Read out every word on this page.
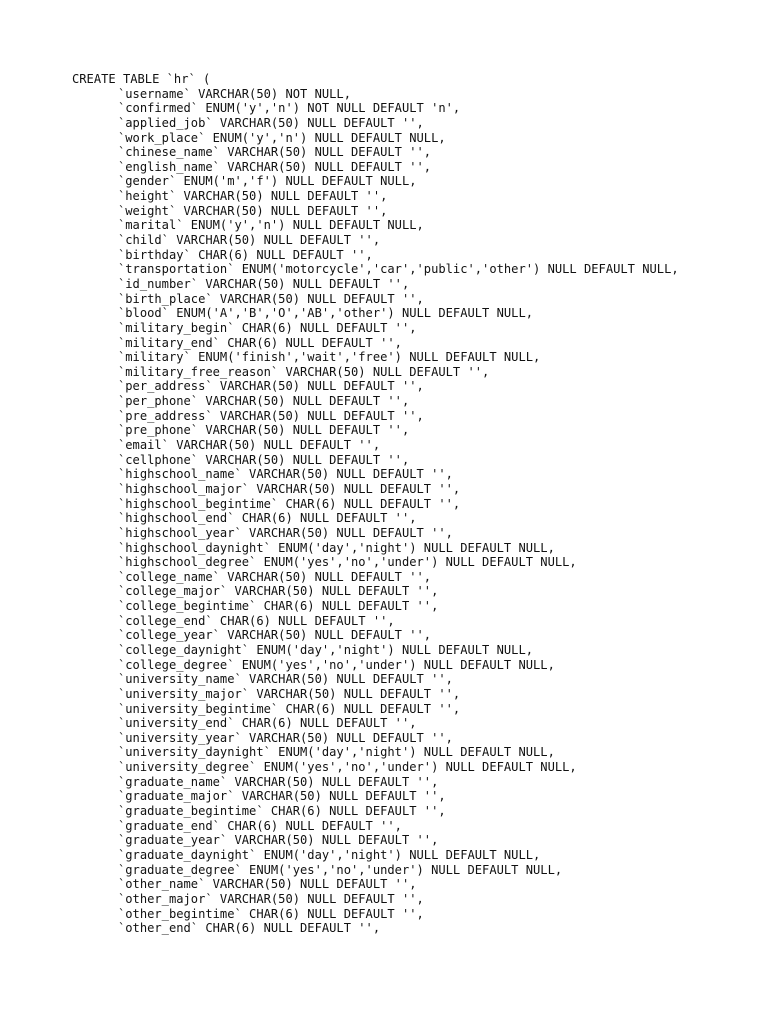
CREATE TABLE `hr` (
`username` VARCHAR(50) NOT NULL,
`confirmed` ENUM('y','n') NOT NULL DEFAULT 'n',
`applied_job` VARCHAR(50) NULL DEFAULT '',
`work_place` ENUM('y','n') NULL DEFAULT NULL,
`chinese_name` VARCHAR(50) NULL DEFAULT '',
`english_name` VARCHAR(50) NULL DEFAULT '',
`gender` ENUM('m','f') NULL DEFAULT NULL,
`height` VARCHAR(50) NULL DEFAULT '',
`weight` VARCHAR(50) NULL DEFAULT '',
`marital` ENUM('y','n') NULL DEFAULT NULL,
`child` VARCHAR(50) NULL DEFAULT '',
`birthday` CHAR(6) NULL DEFAULT '',
`transportation` ENUM('motorcycle','car','public','other') NULL DEFAULT NULL,
`id_number` VARCHAR(50) NULL DEFAULT '',
`birth_place` VARCHAR(50) NULL DEFAULT '',
`blood` ENUM('A','B','O','AB','other') NULL DEFAULT NULL,
`military_begin` CHAR(6) NULL DEFAULT '',
`military_end` CHAR(6) NULL DEFAULT '',
`military` ENUM('finish','wait','free') NULL DEFAULT NULL,
`military_free_reason` VARCHAR(50) NULL DEFAULT '',
`per_address` VARCHAR(50) NULL DEFAULT '',
`per_phone` VARCHAR(50) NULL DEFAULT '',
`pre_address` VARCHAR(50) NULL DEFAULT '',
`pre_phone` VARCHAR(50) NULL DEFAULT '',
`email` VARCHAR(50) NULL DEFAULT '',
`cellphone` VARCHAR(50) NULL DEFAULT '',
`highschool_name` VARCHAR(50) NULL DEFAULT '',
`highschool_major` VARCHAR(50) NULL DEFAULT '',
`highschool_begintime` CHAR(6) NULL DEFAULT '',
`highschool_end` CHAR(6) NULL DEFAULT '',
`highschool_year` VARCHAR(50) NULL DEFAULT '',
`highschool_daynight` ENUM('day','night') NULL DEFAULT NULL,
`highschool_degree` ENUM('yes','no','under') NULL DEFAULT NULL,
`college_name` VARCHAR(50) NULL DEFAULT '',
`college_major` VARCHAR(50) NULL DEFAULT '',
`college_begintime` CHAR(6) NULL DEFAULT '',
`college_end` CHAR(6) NULL DEFAULT '',
`college_year` VARCHAR(50) NULL DEFAULT '',
`college_daynight` ENUM('day','night') NULL DEFAULT NULL,
`college_degree` ENUM('yes','no','under') NULL DEFAULT NULL,
`university_name` VARCHAR(50) NULL DEFAULT '',
`university_major` VARCHAR(50) NULL DEFAULT '',
`university_begintime` CHAR(6) NULL DEFAULT '',
`university_end` CHAR(6) NULL DEFAULT '',
`university_year` VARCHAR(50) NULL DEFAULT '',
`university_daynight` ENUM('day','night') NULL DEFAULT NULL,
`university_degree` ENUM('yes','no','under') NULL DEFAULT NULL,
`graduate_name` VARCHAR(50) NULL DEFAULT '',
`graduate_major` VARCHAR(50) NULL DEFAULT '',
`graduate_begintime` CHAR(6) NULL DEFAULT '',
`graduate_end` CHAR(6) NULL DEFAULT '',
`graduate_year` VARCHAR(50) NULL DEFAULT '',
`graduate_daynight` ENUM('day','night') NULL DEFAULT NULL,
`graduate_degree` ENUM('yes','no','under') NULL DEFAULT NULL,
`other_name` VARCHAR(50) NULL DEFAULT '',
`other_major` VARCHAR(50) NULL DEFAULT '',
`other_begintime` CHAR(6) NULL DEFAULT '',
`other_end` CHAR(6) NULL DEFAULT '',
